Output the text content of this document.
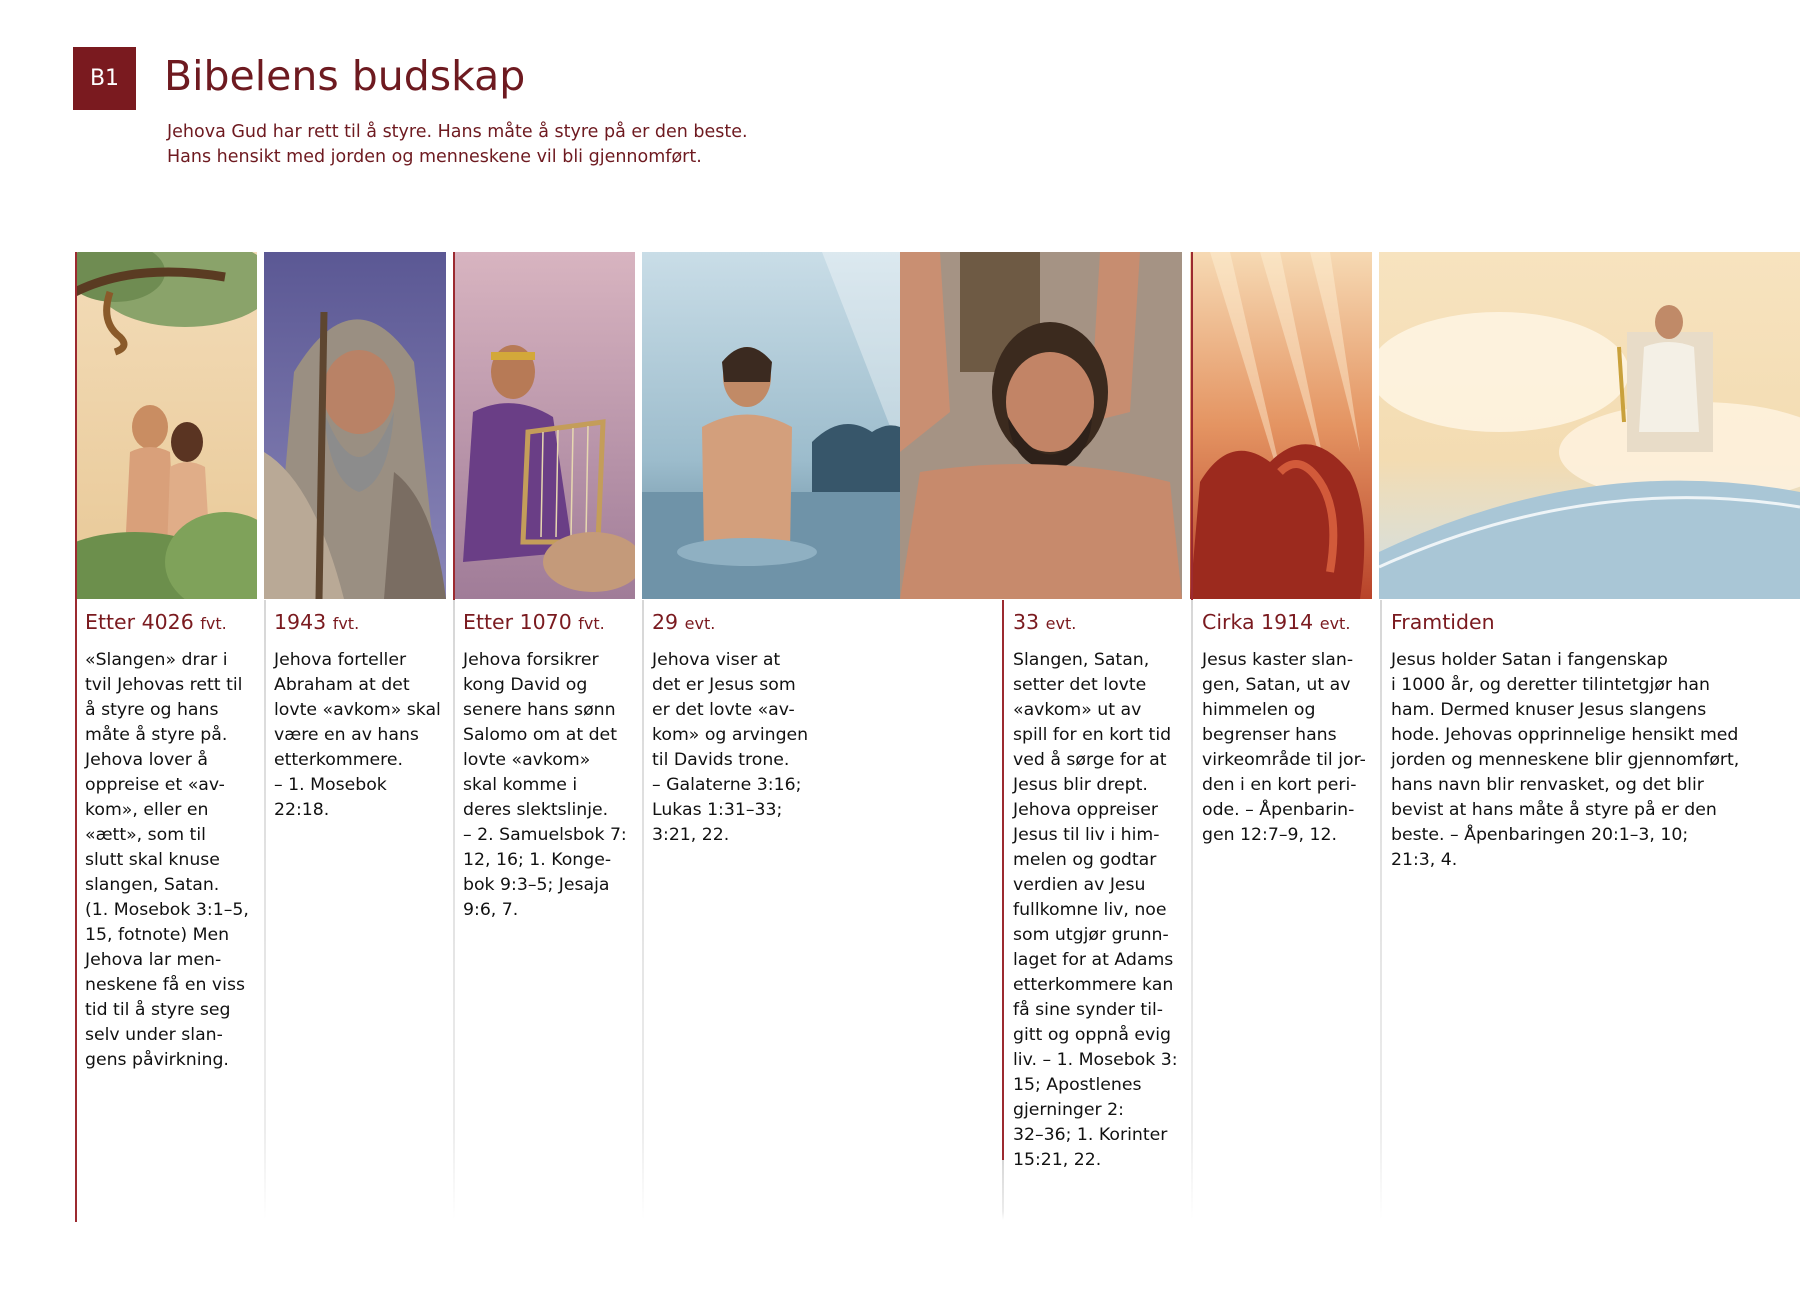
B1 Bibelens budskap
Jehova Gud har rett til å styre. Hans måte å styre på er den beste.
Hans hensikt med jorden og menneskene vil bli gjennomført.
Etter 4026 fvt.
«Slangen» drar i
tvil Jehovas rett til
å styre og hans
måte å styre på.
Jehova lover å
oppreise et «av-
kom», eller en
«ætt», som til
slutt skal knuse
slangen, Satan.
(1. Mosebok 3:1–5,
15, fotnote) Men
Jehova lar men-
neskene få en viss
tid til å styre seg
selv under slan-
gens påvirkning.
1943 fvt.
Jehova forteller
Abraham at det
lovte «avkom» skal
være en av hans
etterkommere.
– 1. Mosebok
22:18.
Etter 1070 fvt.
Jehova forsikrer
kong David og
senere hans sønn
Salomo om at det
lovte «avkom»
skal komme i
deres slektslinje.
– 2. Samuelsbok 7:
12, 16; 1. Konge-
bok 9:3–5; Jesaja
9:6, 7.
29 evt.
Jehova viser at
det er Jesus som
er det lovte «av-
kom» og arvingen
til Davids trone.
– Galaterne 3:16;
Lukas 1:31–33;
3:21, 22.
33 evt.
Slangen, Satan,
setter det lovte
«avkom» ut av
spill for en kort tid
ved å sørge for at
Jesus blir drept.
Jehova oppreiser
Jesus til liv i him-
melen og godtar
verdien av Jesu
fullkomne liv, noe
som utgjør grunn-
laget for at Adams
etterkommere kan
få sine synder til-
gitt og oppnå evig
liv. – 1. Mosebok 3:
15; Apostlenes
gjerninger 2:
32–36; 1. Korinter
15:21, 22.
Cirka 1914 evt.
Jesus kaster slan-
gen, Satan, ut av
himmelen og
begrenser hans
virkeområde til jor-
den i en kort peri-
ode. – Åpenbarin-
gen 12:7–9, 12.
Framtiden
Jesus holder Satan i fangenskap
i 1000 år, og deretter tilintetgjør han
ham. Dermed knuser Jesus slangens
hode. Jehovas opprinnelige hensikt med
jorden og menneskene blir gjennomført,
hans navn blir renvasket, og det blir
bevist at hans måte å styre på er den
beste. – Åpenbaringen 20:1–3, 10;
21:3, 4.
